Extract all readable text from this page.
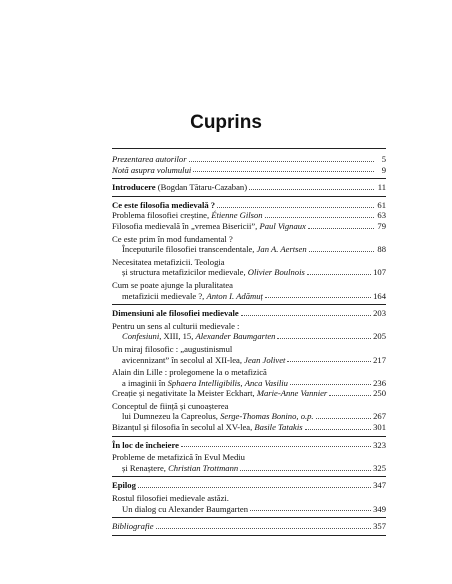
Cuprins
Prezentarea autorilor	5
Notă asupra volumului	9
Introducere (Bogdan Tătaru-Cazaban)	11
Ce este filosofia medievală ?	61
Problema filosofiei creștine, Étienne Gilson	63
Filosofia medievală în „vremea Bisericii”, Paul Vignaux	79
Ce este prim în mod fundamental ?
Începuturile filosofiei transcendentale, Jan A. Aertsen	88
Necesitatea metafizicii. Teologia
și structura metafizicilor medievale, Olivier Boulnois	107
Cum se poate ajunge la pluralitatea
metafizicii medievale ?, Anton I. Adămuț	164
Dimensiuni ale filosofiei medievale	203
Pentru un sens al culturii medievale :
Confesiuni, XIII, 15, Alexander Baumgarten	205
Un miraj filosofic : „augustinismul
avicennizant” în secolul al XII-lea, Jean Jolivet	217
Alain din Lille : prolegomene la o metafizică
a imaginii în Sphaera Intelligibilis, Anca Vasiliu	236
Creație și negativitate la Meister Eckhart, Marie-Anne Vannier	250
Conceptul de ființă și cunoașterea
lui Dumnezeu la Capreolus, Serge-Thomas Bonino, o.p.	267
Bizanțul și filosofia în secolul al XV-lea, Basile Tatakis	301
În loc de încheiere	323
Probleme de metafizică în Evul Mediu
și Renaștere, Christian Trottmann	325
Epilog	347
Rostul filosofiei medievale astăzi.
Un dialog cu Alexander Baumgarten	349
Bibliografie	357
